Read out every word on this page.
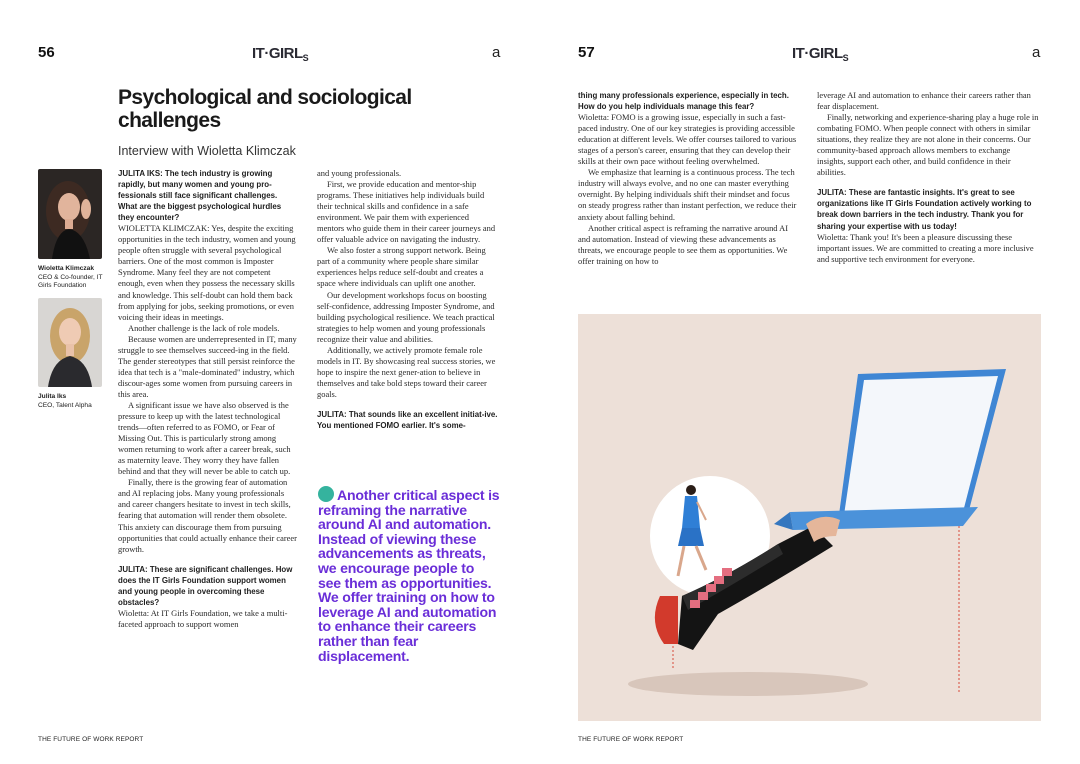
56	$IT\cdot GIRL_S$	a
Psychological and sociological challenges
Interview with Wioletta Klimczak
Wioletta Klimczak
CEO & Co-founder, IT Girls Foundation
Julita Iks
CEO, Talent Alpha

JULITA IKS: The tech industry is growing rapidly, but many women and young pro-fessionals still face significant challenges. What are the biggest psychological hurdles they encounter?

WIOLETTA KLIMCZAK: Yes, despite the exciting opportunities in the tech industry, women and young people often struggle with several psychological barriers. One of the most common is Imposter Syndrome. Many feel they are not competent enough, even when they possess the necessary skills and knowledge. This self-doubt can hold them back from applying for jobs, seeking promotions, or even voicing their ideas in meetings.

Another challenge is the lack of role models.

Because women are underrepresented in IT, many struggle to see themselves succeed-ing in the field. The gender stereotypes that still persist reinforce the idea that tech is a "male-dominated" industry, which discour-ages some women from pursuing careers in this area.

A significant issue we have also observed is the pressure to keep up with the latest technological trends—often referred to as FOMO, or Fear of Missing Out. This is particularly strong among women returning to work after a career break, such as maternity leave. They worry they have fallen behind and that they will never be able to catch up.

Finally, there is the growing fear of automation and AI replacing jobs. Many young professionals and career changers hesitate to invest in tech skills, fearing that automation will render them obsolete. This anxiety can discourage them from pursuing opportunities that could actually enhance their career growth.

JULITA: These are significant challenges. How does the IT Girls Foundation support women and young people in overcoming these obstacles?

Wioletta: At IT Girls Foundation, we take a multi-faceted approach to support women

and young professionals.

First, we provide education and mentor-ship programs. These initiatives help individuals build their technical skills and confidence in a safe environment. We pair them with experienced mentors who guide them in their career journeys and offer valuable advice on navigating the industry.

We also foster a strong support network. Being part of a community where people share similar experiences helps reduce self-doubt and creates a space where individuals can uplift one another.

Our development workshops focus on boosting self-confidence, addressing Imposter Syndrome, and building psychological resilience. We teach practical strategies to help women and young professionals recognize their value and abilities.

Additionally, we actively promote female role models in IT. By showcasing real success stories, we hope to inspire the next gener-ation to believe in themselves and take bold steps toward their career goals.

JULITA: That sounds like an excellent initiat-ive. You mentioned FOMO earlier. It's some-

Another critical aspect is reframing the narrative around AI and automation. Instead of viewing these advancements as threats, we encourage people to see them as opportunities. We offer training on how to leverage AI and automation to enhance their careers rather than fear displacement.
THE FUTURE OF WORK REPORT
57	$IT\cdot GIRL_S$	a

thing many professionals experience, especially in tech. How do you help individuals manage this fear?

Wioletta: FOMO is a growing issue, especially in such a fast-paced industry. One of our key strategies is providing accessible education at different levels. We offer courses tailored to various stages of a person's career, ensuring that they can develop their skills at their own pace without feeling overwhelmed.

We emphasize that learning is a continuous process. The tech industry will always evolve, and no one can master everything overnight. By helping individuals shift their mindset and focus on steady progress rather than instant perfection, we reduce their anxiety about falling behind.

Another critical aspect is reframing the narrative around AI and automation. Instead of viewing these advancements as threats, we encourage people to see them as opportunities. We offer training on how to

leverage AI and automation to enhance their careers rather than fear displacement.

Finally, networking and experience-sharing play a huge role in combating FOMO. When people connect with others in similar situations, they realize they are not alone in their concerns. Our community-based approach allows members to exchange insights, support each other, and build confidence in their abilities.

JULITA: These are fantastic insights. It's great to see organizations like IT Girls Foundation actively working to break down barriers in the tech industry. Thank you for sharing your expertise with us today!

Wioletta: Thank you! It's been a pleasure discussing these important issues. We are committed to creating a more inclusive and supportive tech environment for everyone.

THE FUTURE OF WORK REPORT
